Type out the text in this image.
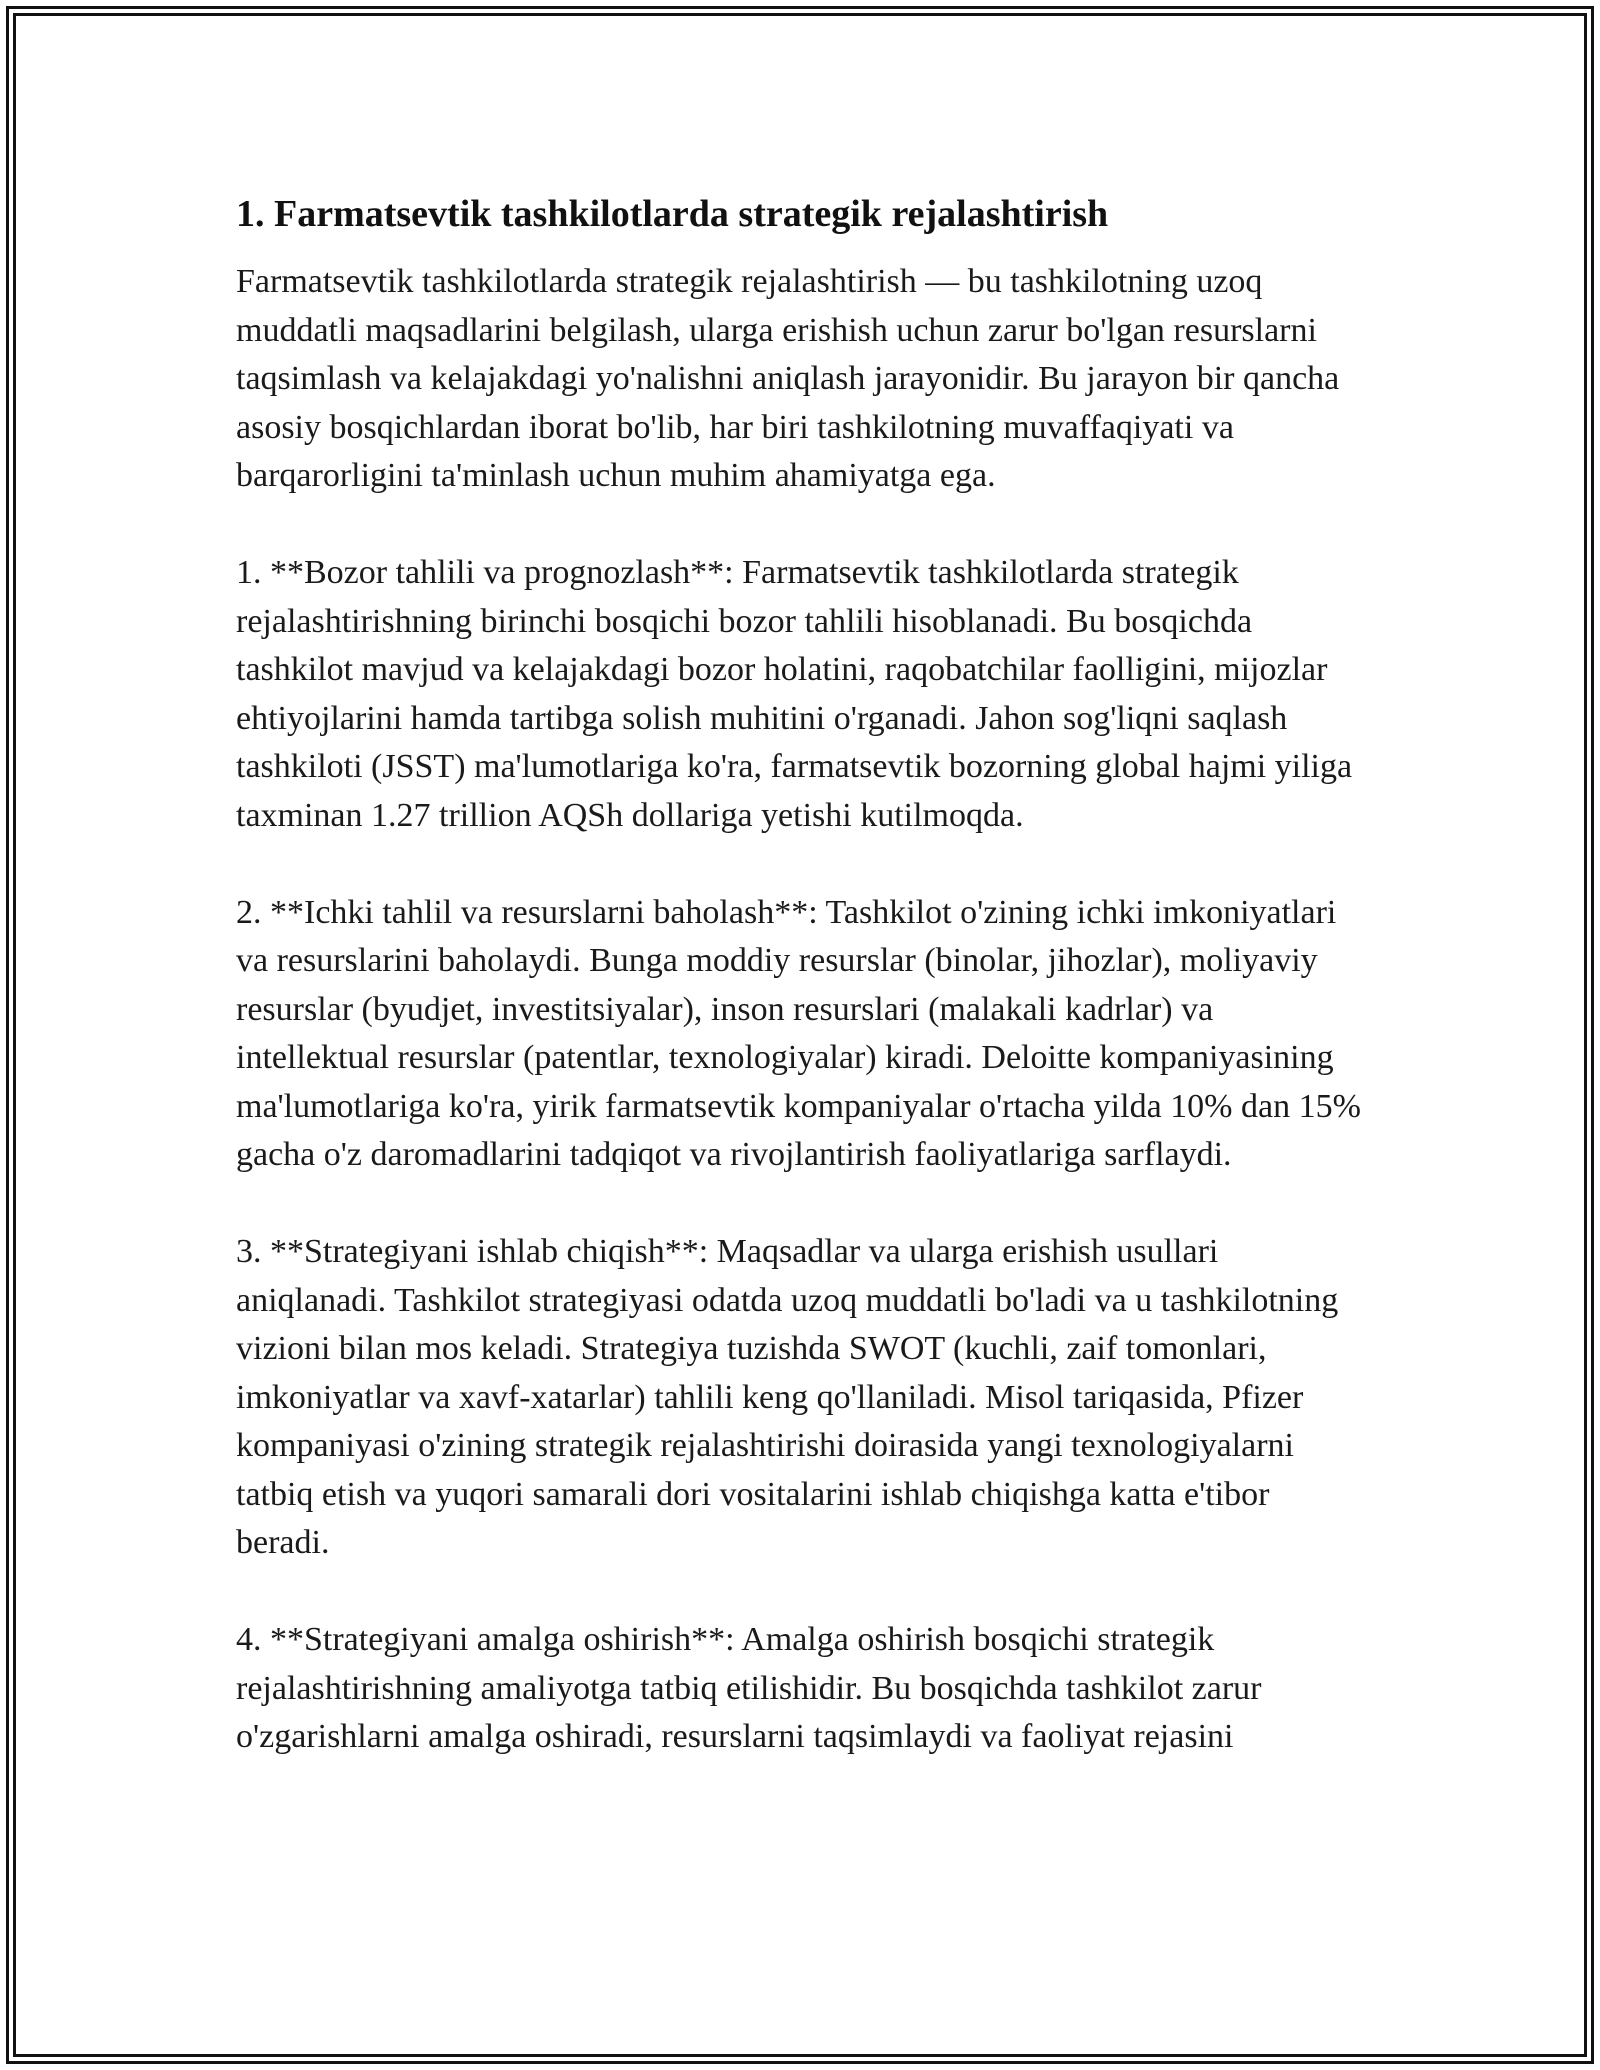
1. Farmatsevtik tashkilotlarda strategik rejalashtirish

Farmatsevtik tashkilotlarda strategik rejalashtirish — bu tashkilotning uzoq muddatli maqsadlarini belgilash, ularga erishish uchun zarur bo'lgan resurslarni taqsimlash va kelajakdagi yo'nalishni aniqlash jarayonidir. Bu jarayon bir qancha asosiy bosqichlardan iborat bo'lib, har biri tashkilotning muvaffaqiyati va barqarorligini ta'minlash uchun muhim ahamiyatga ega.

1. **Bozor tahlili va prognozlash**: Farmatsevtik tashkilotlarda strategik rejalashtirishning birinchi bosqichi bozor tahlili hisoblanadi. Bu bosqichda tashkilot mavjud va kelajakdagi bozor holatini, raqobatchilar faolligini, mijozlar ehtiyojlarini hamda tartibga solish muhitini o'rganadi. Jahon sog'liqni saqlash tashkiloti (JSST) ma'lumotlariga ko'ra, farmatsevtik bozorning global hajmi yiliga taxminan 1.27 trillion AQSh dollariga yetishi kutilmoqda.

2. **Ichki tahlil va resurslarni baholash**: Tashkilot o'zining ichki imkoniyatlari va resurslarini baholaydi. Bunga moddiy resurslar (binolar, jihozlar), moliyaviy resurslar (byudjet, investitsiyalar), inson resurslari (malakali kadrlar) va intellektual resurslar (patentlar, texnologiyalar) kiradi. Deloitte kompaniyasining ma'lumotlariga ko'ra, yirik farmatsevtik kompaniyalar o'rtacha yilda 10% dan 15% gacha o'z daromadlarini tadqiqot va rivojlantirish faoliyatlariga sarflaydi.

3. **Strategiyani ishlab chiqish**: Maqsadlar va ularga erishish usullari aniqlanadi. Tashkilot strategiyasi odatda uzoq muddatli bo'ladi va u tashkilotning vizioni bilan mos keladi. Strategiya tuzishda SWOT (kuchli, zaif tomonlari, imkoniyatlar va xavf-xatarlar) tahlili keng qo'llaniladi. Misol tariqasida, Pfizer kompaniyasi o'zining strategik rejalashtirishi doirasida yangi texnologiyalarni tatbiq etish va yuqori samarali dori vositalarini ishlab chiqishga katta e'tibor beradi.

4. **Strategiyani amalga oshirish**: Amalga oshirish bosqichi strategik rejalashtirishning amaliyotga tatbiq etilishidir. Bu bosqichda tashkilot zarur o'zgarishlarni amalga oshiradi, resurslarni taqsimlaydi va faoliyat rejasini
